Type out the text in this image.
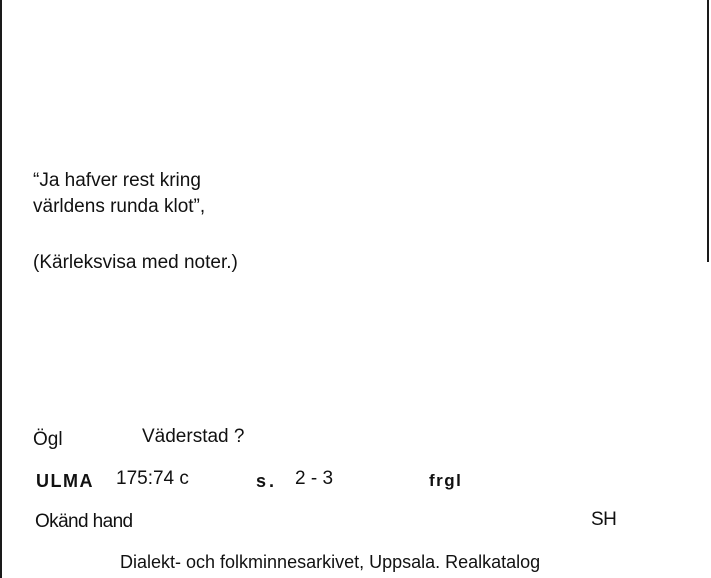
“Ja hafver rest kring
världens runda klot”,
(Kärleksvisa med noter.)
Ögl	Väderstad ?
ULMA 175:74 c	s. 2 - 3	frgl
Okänd hand	SH
Dialekt- och folkminnesarkivet, Uppsala. Realkatalog
